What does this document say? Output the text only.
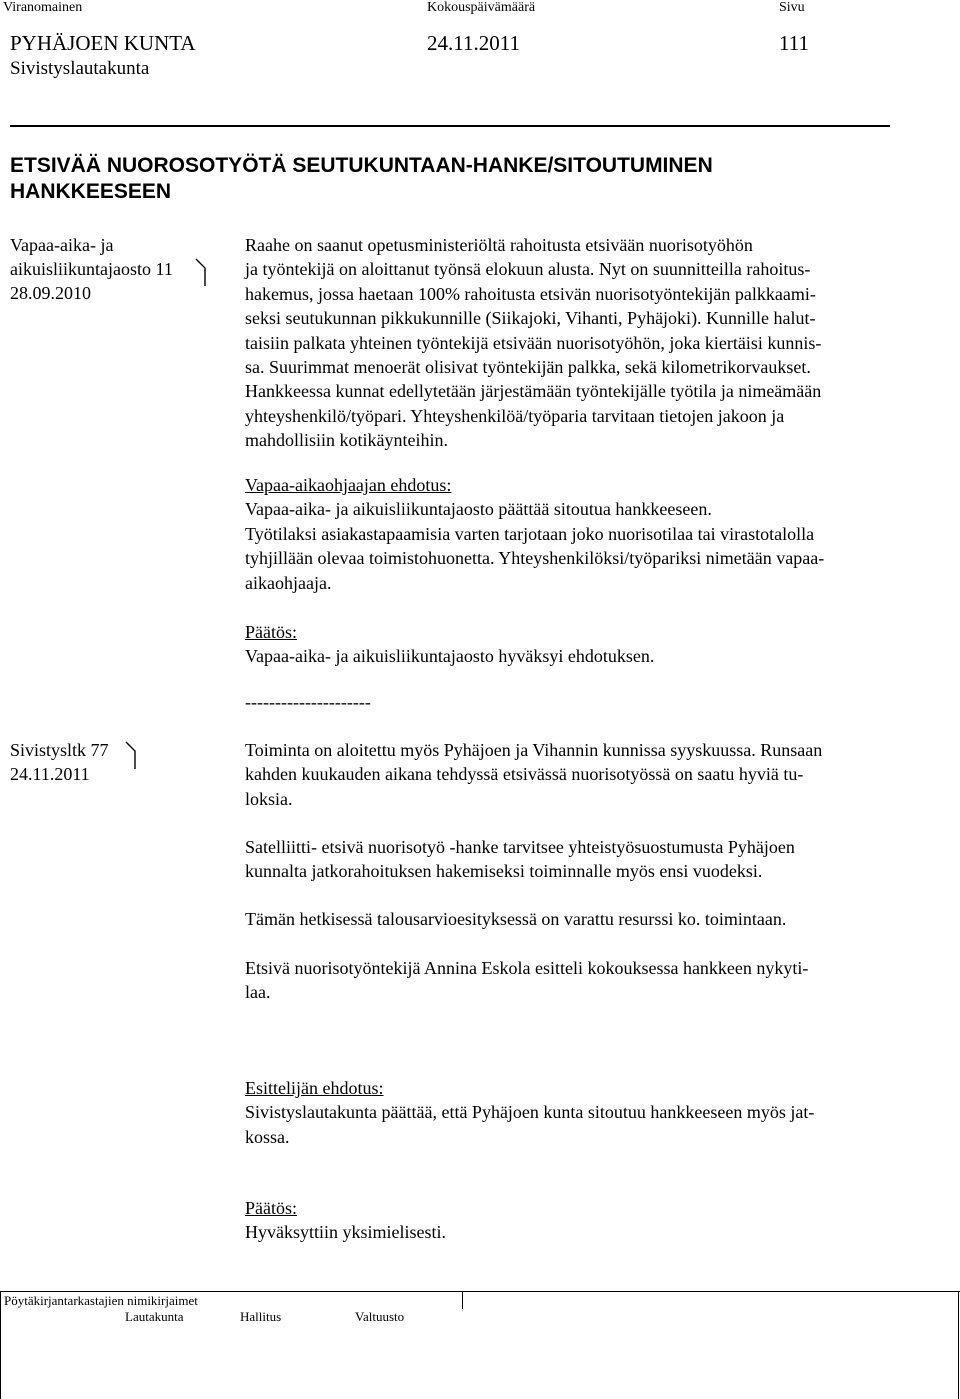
Viranomainen	Kokouspäivämäärä	Sivu
PYHÄJOEN KUNTA	24.11.2011	111
Sivistyslautakunta
ETSIVÄÄ NUOROSOTYÖTÄ SEUTUKUNTAAN-HANKE/SITOUTUMINEN
HANKKEESEEN
Vapaa-aika- ja
aikuisliikuntajaosto 11
28.09.2010
Raahe on saanut opetusministeriöltä rahoitusta etsivään nuorisotyöhön
ja työntekijä on aloittanut työnsä elokuun alusta. Nyt on suunnitteilla rahoitus-
hakemus, jossa haetaan 100% rahoitusta etsivän nuorisotyöntekijän palkkaami-
seksi seutukunnan pikkukunnille (Siikajoki, Vihanti, Pyhäjoki). Kunnille halut-
taisiin palkata yhteinen työntekijä etsivään nuorisotyöhön, joka kiertäisi kunnis-
sa. Suurimmat menoerät olisivat työntekijän palkka, sekä kilometrikorvaukset.
Hankkeessa kunnat edellytetään järjestämään työntekijälle työtila ja nimeämään
yhteyshenkilö/työpari. Yhteyshenkilöä/työparia tarvitaan tietojen jakoon ja
mahdollisiin kotikäynteihin.
Vapaa-aikaohjaajan ehdotus:
Vapaa-aika- ja aikuisliikuntajaosto päättää sitoutua hankkeeseen.
Työtilaksi asiakastapaamisia varten tarjotaan joko nuorisotilaa tai virastotalolla
tyhjillään olevaa toimistohuonetta. Yhteyshenkilöksi/työpariksi nimetään vapaa-
aikaohjaaja.
Päätös:
Vapaa-aika- ja aikuisliikuntajaosto hyväksyi ehdotuksen.
---------------------
Sivistysltk 77
24.11.2011
Toiminta on aloitettu myös Pyhäjoen ja Vihannin kunnissa syyskuussa. Runsaan
kahden kuukauden aikana tehdyssä etsivässä nuorisotyössä on saatu hyviä tu-
loksia.
Satelliitti- etsivä nuorisotyö -hanke tarvitsee yhteistyösuostumusta Pyhäjoen
kunnalta jatkorahoituksen hakemiseksi toiminnalle myös ensi vuodeksi.
Tämän hetkisessä talousarvioesityksessä on varattu resurssi ko. toimintaan.
Etsivä nuorisotyöntekijä Annina Eskola esitteli kokouksessa hankkeen nykyti-
laa.
Esittelijän ehdotus:
Sivistyslautakunta päättää, että Pyhäjoen kunta sitoutuu hankkeeseen myös jat-
kossa.
Päätös:
Hyväksyttiin yksimielisesti.
Pöytäkirjantarkastajien nimikirjaimet
Lautakunta	Hallitus	Valtuusto
